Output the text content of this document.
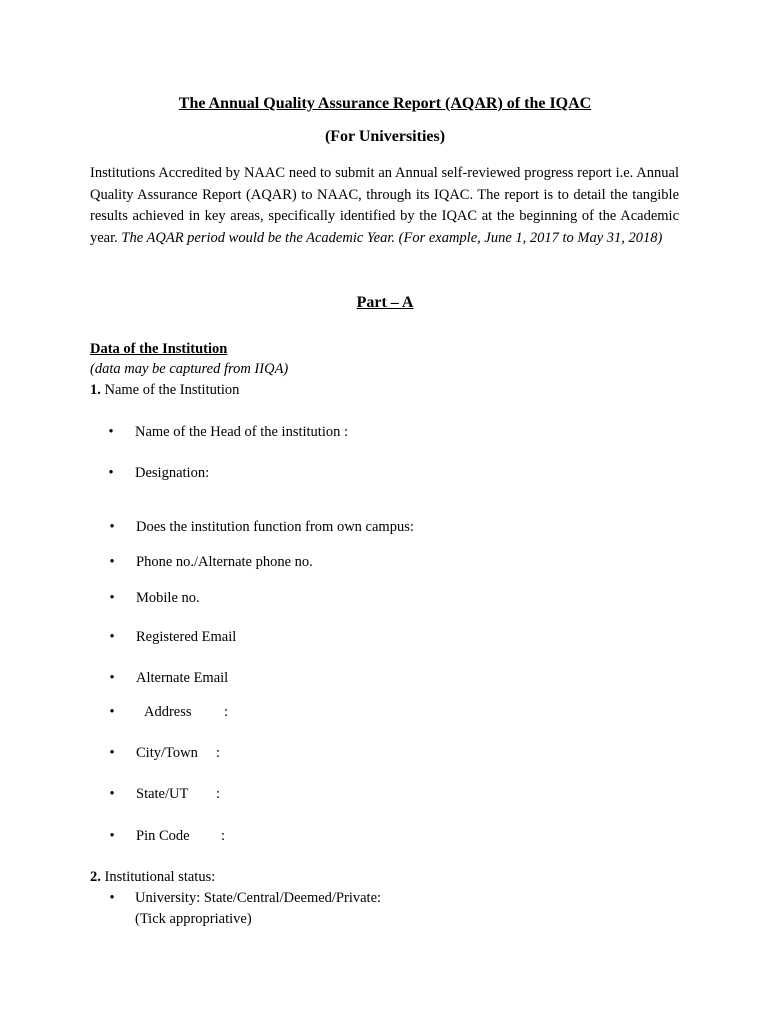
The Annual Quality Assurance Report (AQAR) of the IQAC
(For Universities)
Institutions Accredited by NAAC need to submit an Annual self-reviewed progress report i.e. Annual Quality Assurance Report (AQAR) to NAAC, through its IQAC. The report is to detail the tangible results achieved in key areas, specifically identified by the IQAC at the beginning of the Academic year. The AQAR period would be the Academic Year. (For example, June 1, 2017 to May 31, 2018)
Part – A
Data of the Institution
(data may be captured from IIQA)
1. Name of the Institution
• Name of the Head of the institution :
• Designation:
• Does the institution function from own campus:
• Phone no./Alternate phone no.
• Mobile no.
• Registered Email
• Alternate Email
• Address :
• City/Town :
• State/UT :
• Pin Code :
2. Institutional status:
• University: State/Central/Deemed/Private:
(Tick appropriative)
